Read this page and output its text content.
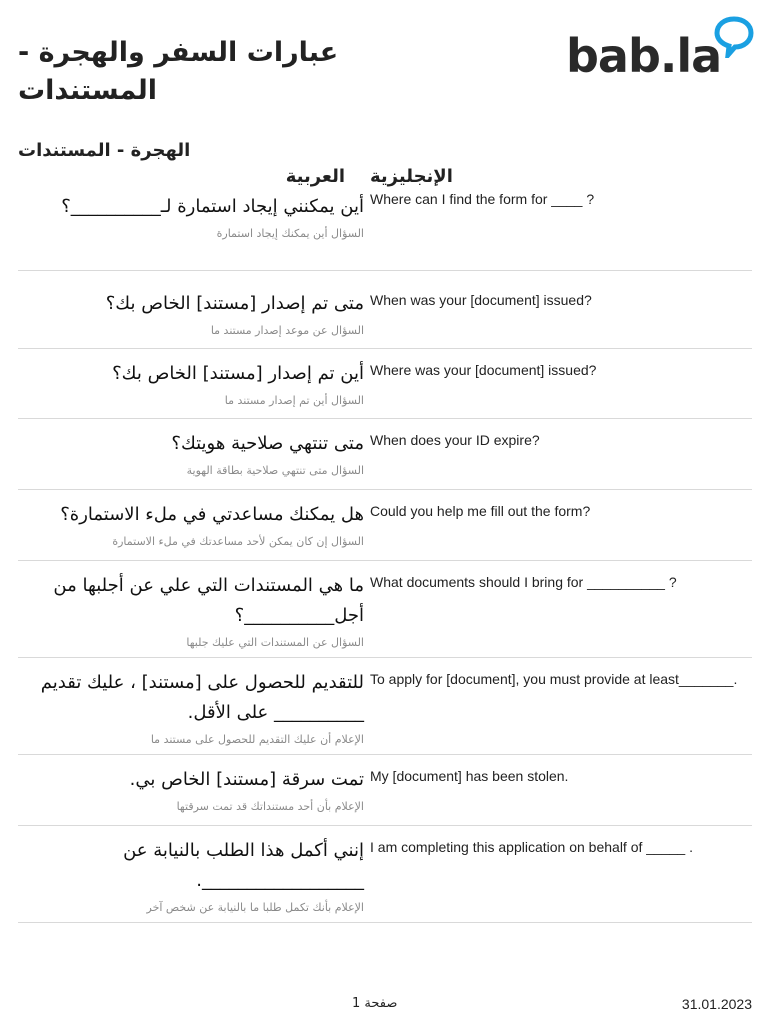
عبارات السفر والهجرة - المستندات
bab.la
الهجرة - المستندات
العربية الإنجليزية
أين يمكنني إيجاد استمارة لـ__________؟
السؤال أين يمكنك إيجاد استمارة
Where can I find the form for ____ ?
متى تم إصدار [مستند] الخاص بك؟
السؤال عن موعد إصدار مستند ما
When was your [document] issued?
أين تم إصدار [مستند] الخاص بك؟
السؤال أين تم إصدار مستند ما
Where was your [document] issued?
متى تنتهي صلاحية هويتك؟
السؤال متى تنتهي صلاحية بطاقة الهوية
When does your ID expire?
هل يمكنك مساعدتي في ملء الاستمارة؟
السؤال إن كان يمكن لأحد مساعدتك في ملء الاستمارة
Could you help me fill out the form?
ما هي المستندات التي علي عن أجلبها من أجل__________؟
السؤال عن المستندات التي عليك جلبها
What documents should I bring for __________ ?
للتقديم للحصول على [مستند] ، عليك تقديم __________ على الأقل.
الإعلام أن عليك التقديم للحصول على مستند ما
To apply for [document], you must provide at least_______.
تمت سرقة [مستند] الخاص بي.
الإعلام بأن أحد مستنداتك قد تمت سرقتها
My [document] has been stolen.
إنني أكمل هذا الطلب بالنيابة عن __________________.
الإعلام بأنك تكمل طلبا ما بالنيابة عن شخص آخر
I am completing this application on behalf of _____ .
صفحة 1	31.01.2023
